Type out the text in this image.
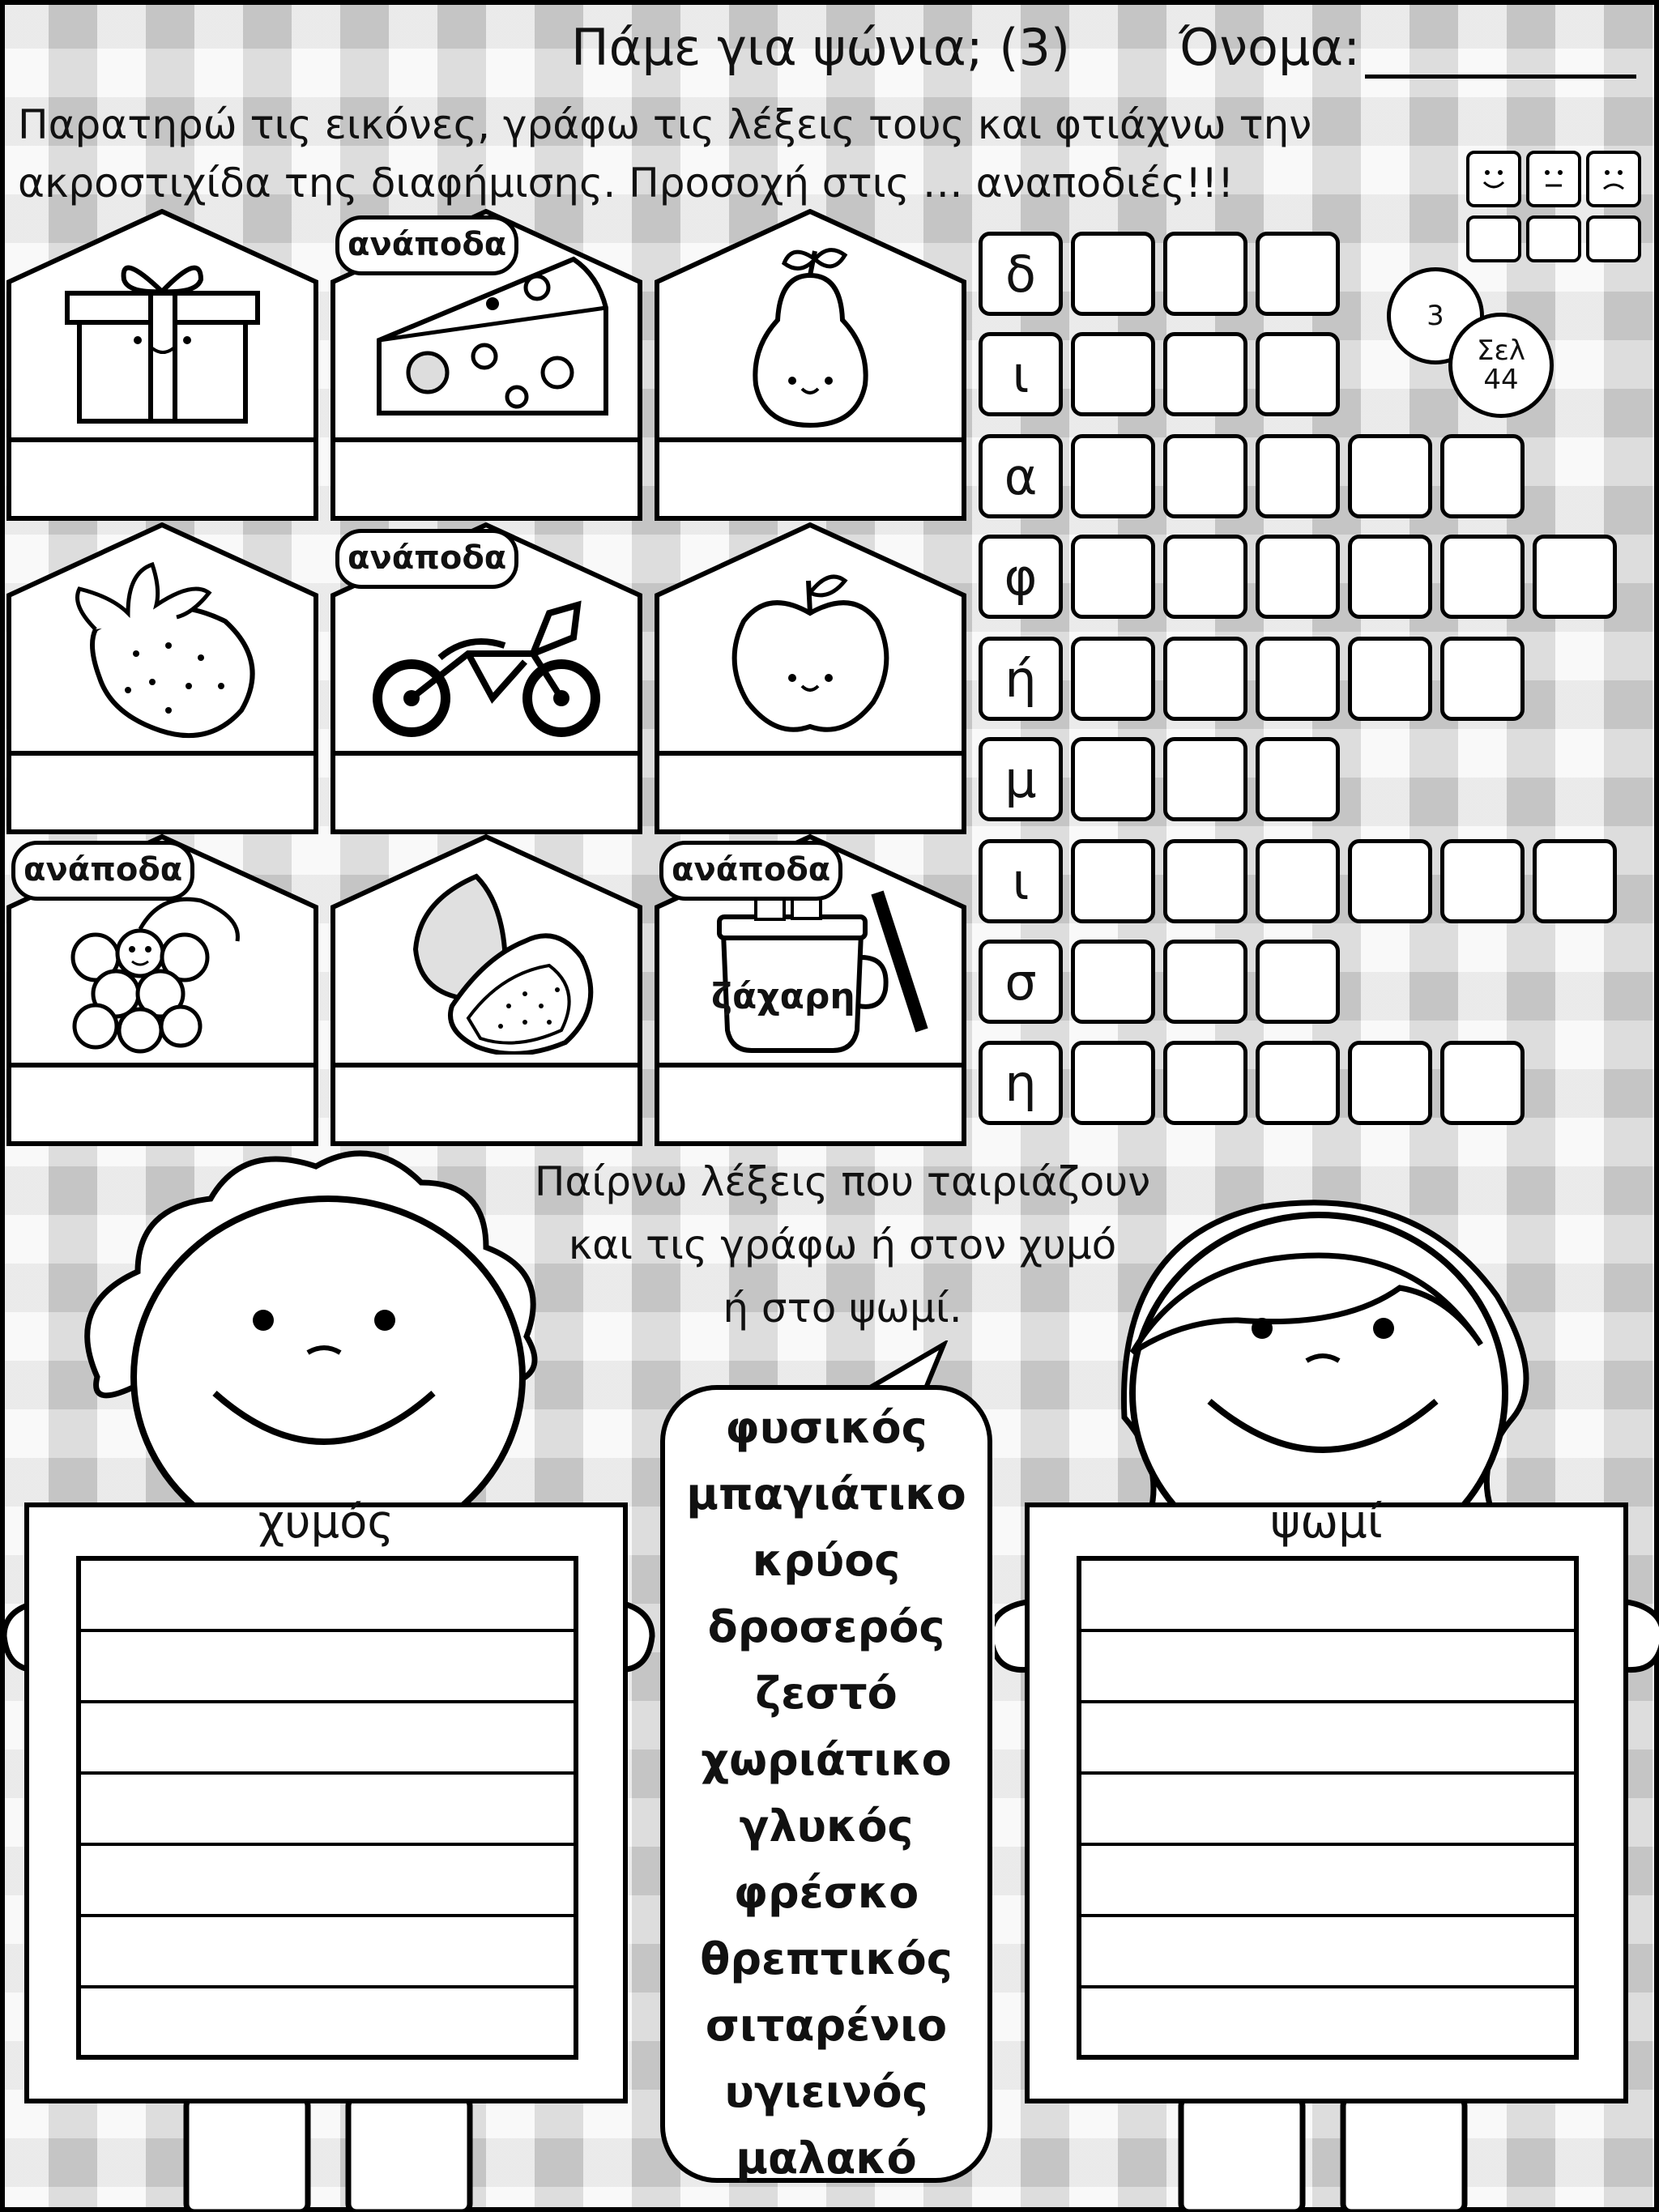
Πάμε για ψώνια; (3) Όνομα:
Παρατηρώ τις εικόνες, γράφω τις λέξεις τους και φτιάχνω την
ακροστιχίδα της διαφήμισης. Προσοχή στις … αναποδιές!!!
3
Σελ
44
ανάποδα
ανάποδα
ανάποδα
ζάχαρη
ανάποδα
δ
ι
α
φ
ή
μ
ι
σ
η
Παίρνω λέξεις που ταιριάζουν
και τις γράφω ή στον χυμό
ή στο ψωμί.
χυμός	ψωμί
φυσικός
μπαγιάτικο
κρύος
δροσερός
ζεστό
χωριάτικο
γλυκός
φρέσκο
θρεπτικός
σιταρένιο
υγιεινός
μαλακό
